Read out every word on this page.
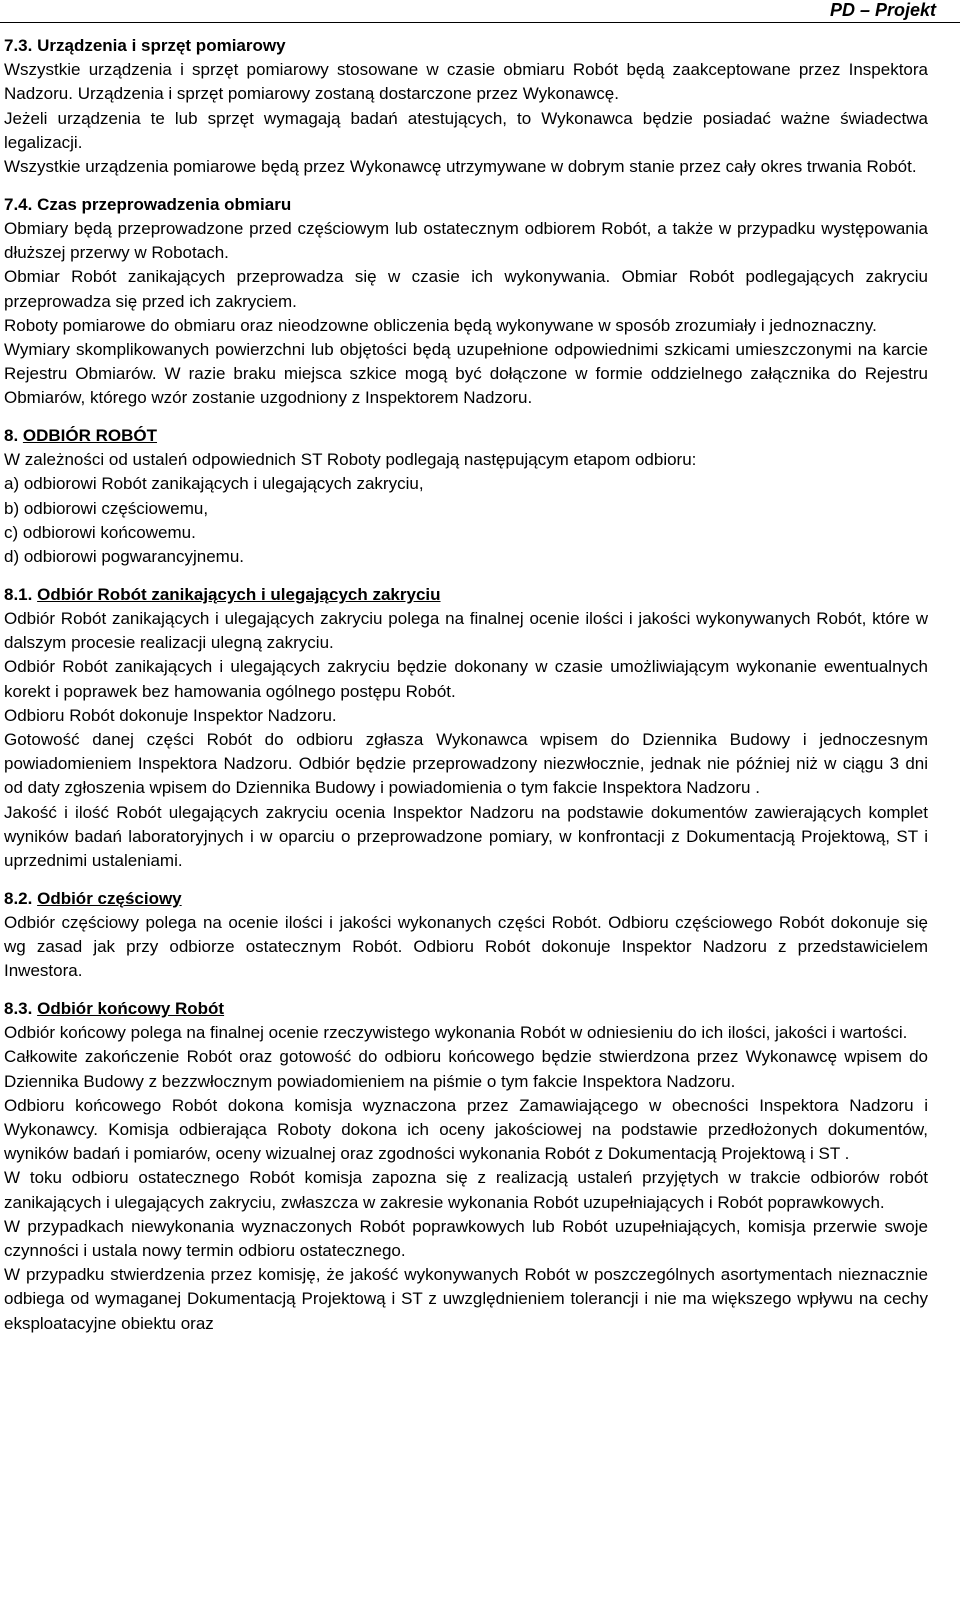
PD – Projekt
7.3. Urządzenia i sprzęt pomiarowy

Wszystkie urządzenia i sprzęt pomiarowy stosowane w czasie obmiaru Robót będą zaakceptowane przez Inspektora Nadzoru. Urządzenia i sprzęt pomiarowy zostaną dostarczone przez Wykonawcę.

Jeżeli urządzenia te lub sprzęt wymagają badań atestujących, to Wykonawca będzie posiadać ważne świadectwa legalizacji.

Wszystkie urządzenia pomiarowe będą przez Wykonawcę utrzymywane w dobrym stanie przez cały okres trwania Robót.

7.4. Czas przeprowadzenia obmiaru

Obmiary będą przeprowadzone przed częściowym lub ostatecznym odbiorem Robót, a także w przypadku występowania dłuższej przerwy w Robotach.

Obmiar Robót zanikających przeprowadza się w czasie ich wykonywania. Obmiar Robót podlegających zakryciu przeprowadza się przed ich zakryciem.

Roboty pomiarowe do obmiaru oraz nieodzowne obliczenia będą wykonywane w sposób zrozumiały i jednoznaczny.

Wymiary skomplikowanych powierzchni lub objętości będą uzupełnione odpowiednimi szkicami umieszczonymi na karcie Rejestru Obmiarów. W razie braku miejsca szkice mogą być dołączone w formie oddzielnego załącznika do Rejestru Obmiarów, którego wzór zostanie uzgodniony z Inspektorem Nadzoru.

8. ODBIÓR ROBÓT

W zależności od ustaleń odpowiednich ST Roboty podlegają następującym etapom odbioru:

a) odbiorowi Robót zanikających i ulegających zakryciu,

b) odbiorowi częściowemu,

c) odbiorowi końcowemu.

d) odbiorowi pogwarancyjnemu.

8.1. Odbiór Robót zanikających i ulegających zakryciu

Odbiór Robót zanikających i ulegających zakryciu polega na finalnej ocenie ilości i jakości wykonywanych Robót, które w dalszym procesie realizacji ulegną zakryciu.

Odbiór Robót zanikających i ulegających zakryciu będzie dokonany w czasie umożliwiającym wykonanie ewentualnych korekt i poprawek bez hamowania ogólnego postępu Robót.

Odbioru Robót dokonuje Inspektor Nadzoru.

Gotowość danej części Robót do odbioru zgłasza Wykonawca wpisem do Dziennika Budowy i jednoczesnym powiadomieniem Inspektora Nadzoru. Odbiór będzie przeprowadzony niezwłocznie, jednak nie później niż w ciągu 3 dni od daty zgłoszenia wpisem do Dziennika Budowy i powiadomienia o tym fakcie Inspektora Nadzoru .

Jakość i ilość Robót ulegających zakryciu ocenia Inspektor Nadzoru na podstawie dokumentów zawierających komplet wyników badań laboratoryjnych i w oparciu o przeprowadzone pomiary, w konfrontacji z Dokumentacją Projektową, ST i uprzednimi ustaleniami.

8.2. Odbiór częściowy

Odbiór częściowy polega na ocenie ilości i jakości wykonanych części Robót. Odbioru częściowego Robót dokonuje się wg zasad jak przy odbiorze ostatecznym Robót. Odbioru Robót dokonuje Inspektor Nadzoru z przedstawicielem Inwestora.

8.3. Odbiór końcowy Robót

Odbiór końcowy polega na finalnej ocenie rzeczywistego wykonania Robót w odniesieniu do ich ilości, jakości i wartości.

Całkowite zakończenie Robót oraz gotowość do odbioru końcowego będzie stwierdzona przez Wykonawcę wpisem do Dziennika Budowy z bezzwłocznym powiadomieniem na piśmie o tym fakcie Inspektora Nadzoru.

Odbioru końcowego Robót dokona komisja wyznaczona przez Zamawiającego w obecności Inspektora Nadzoru i Wykonawcy. Komisja odbierająca Roboty dokona ich oceny jakościowej na podstawie przedłożonych dokumentów, wyników badań i pomiarów, oceny wizualnej oraz zgodności wykonania Robót z Dokumentacją Projektową i ST .

W toku odbioru ostatecznego Robót komisja zapozna się z realizacją ustaleń przyjętych w trakcie odbiorów robót zanikających i ulegających zakryciu, zwłaszcza w zakresie wykonania Robót uzupełniających i Robót poprawkowych.

W przypadkach niewykonania wyznaczonych Robót poprawkowych lub Robót uzupełniających, komisja przerwie swoje czynności i ustala nowy termin odbioru ostatecznego.

W przypadku stwierdzenia przez komisję, że jakość wykonywanych Robót w poszczególnych asortymentach nieznacznie odbiega od wymaganej Dokumentacją Projektową i ST z uwzględnieniem tolerancji i nie ma większego wpływu na cechy eksploatacyjne obiektu oraz
